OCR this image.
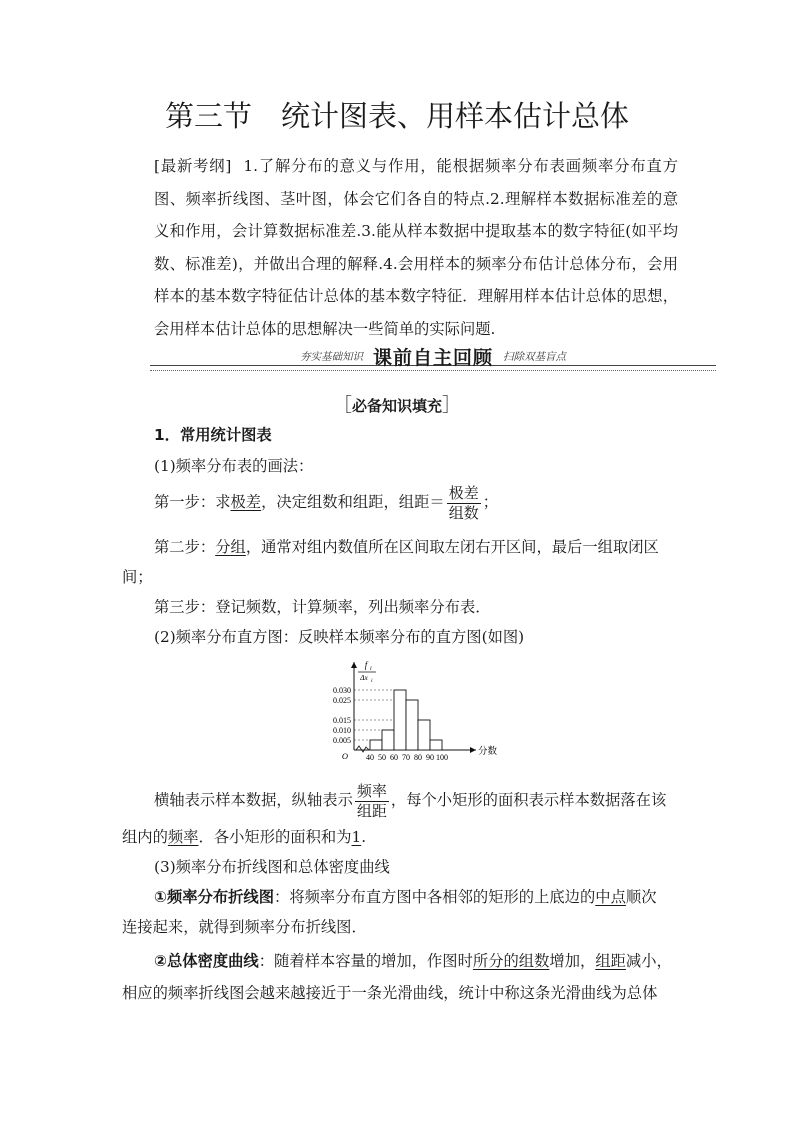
第三节　统计图表、用样本估计总体
[最新考纲] 1.了解分布的意义与作用，能根据频率分布表画频率分布直方图、频率折线图、茎叶图，体会它们各自的特点.2.理解样本数据标准差的意义和作用，会计算数据标准差.3.能从样本数据中提取基本的数字特征(如平均数、标准差)，并做出合理的解释.4.会用样本的频率分布估计总体分布，会用样本的基本数字特征估计总体的基本数字特征．理解用样本估计总体的思想，会用样本估计总体的思想解决一些简单的实际问题.
夯实基础知识 课前自主回顾 扫除双基盲点
［必备知识填充］
1．常用统计图表
(1)频率分布表的画法：
第一步：求极差，决定组数和组距，组距＝ $\frac{\text{极差}}{\text{组数}}$ ；
第二步：分组，通常对组内数值所在区间取左闭右开区间，最后一组取闭区
间；
第三步：登记频数，计算频率，列出频率分布表．
(2)频率分布直方图：反映样本频率分布的直方图(如图)
f i
Δx i
0.005
0.010
0.015
0.025
0.030
40 50 60 70 80 90 100
O	分数
横轴表示样本数据，纵轴表示 $\frac{\text{频率}}{\text{组距}}$ ，每个小矩形的面积表示样本数据落在该
组内的频率．各小矩形的面积和为1.
(3)频率分布折线图和总体密度曲线
①频率分布折线图：将频率分布直方图中各相邻的矩形的上底边的中点顺次
连接起来，就得到频率分布折线图．
②总体密度曲线：随着样本容量的增加，作图时所分的组数增加，组距减小，
相应的频率折线图会越来越接近于一条光滑曲线，统计中称这条光滑曲线为总体
